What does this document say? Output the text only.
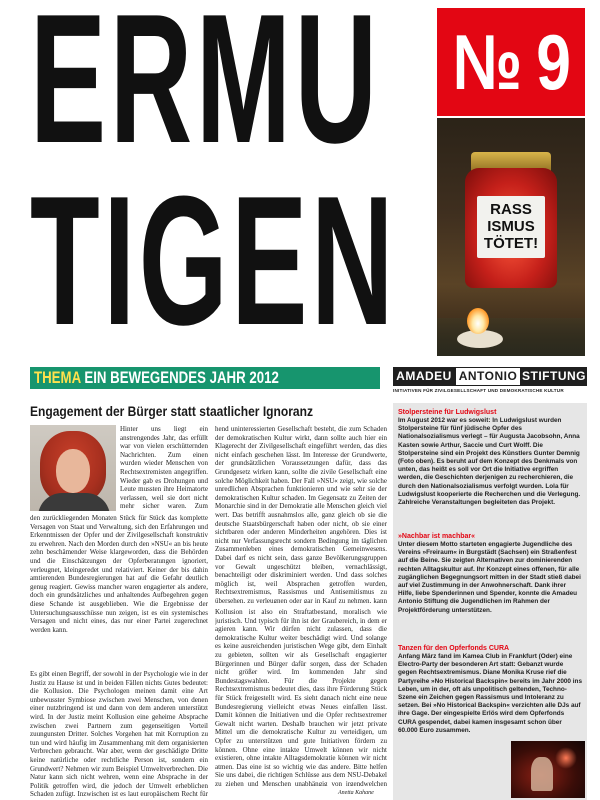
ERMU
TIGEN
№ 9
RASS ISMUS TÖTET!
THEMA EIN BEWEGENDES JAHR 2012	AMADEU ANTONIO STIFTUNG
INITIATIVEN FÜR ZIVILGESELLSCHAFT UND DEMOKRATISCHE KULTUR
Engagement der Bürger statt staatlicher Ignoranz
Hinter uns liegt ein anstrengendes Jahr, das erfüllt war von vielen erschütternden Nachrichten. Zum einen wurden wieder Menschen von Rechtsextremisten angegriffen. Wieder gab es Drohungen und Leute mussten ihre Heimatorte verlassen, weil sie dort nicht mehr sicher waren. Zum
den zurückliegenden Monaten Stück für Stück das komplette Versagen von Staat und Verwaltung, sich den Erfahrungen und Erkenntnissen der Opfer und der Zivilgesellschaft konstruktiv zu erwehren. Nach den Morden durch den »NSU« an bis heute zehn beschämender Weise klargeworden, dass die Behörden und die Einschätzungen der Opferberatungen ignoriert, verleugnet, kleingeredet und relativiert. Keiner der bis dahin amtierenden Bundesregierungen hat auf die Gefahr deutlich genug reagiert. Gewiss mancher waren engagierter als andere, doch ein grundsätzliches und anhaltendes Aufbegehren gegen diese Schande ist ausgeblieben. Wie die Ergebnisse der Untersuchungsausschüsse nun zeigen, ist es ein systemisches Versagen und nicht eines, das nur einer Partei zugerechnet werden kann.
Es gibt einen Begriff, der sowohl in der Psychologie wie in der Justiz zu Hause ist und in beiden Fällen nichts Gutes bedeutet: die Kollusion. Die Psychologen meinen damit eine Art unbewusster Symbiose zwischen zwei Menschen, von denen einer nutzbringend ist und dann von dem anderen unterstützt wird. In der Justiz meint Kollusion eine geheime Absprache zwischen zwei Partnern zum gegenseitigen Vorteil zuungunsten Dritter. Solches Vorgehen hat mit Korruption zu tun und wird häufig im Zusammenhang mit dem organisierten Verbrechen gebraucht. War aber, wenn der geschädigte Dritte keine natürliche oder rechtliche Person ist, sondern ein Grundwert? Nehmen wir zum Beispiel Umweltverbrechen. Die Natur kann sich nicht wehren, wenn eine Absprache in der Politik getroffen wird, die jedoch der Umwelt erheblichen Schaden zufügt. Inzwischen ist es laut europäischem Recht für
hend uninteressierten Gesellschaft besteht, die zum Schaden der demokratischen Kultur wirkt, dann sollte auch hier ein Klagerecht der Zivilgesellschaft eingeführt werden, das dies nicht einfach geschehen lässt. Im Interesse der Grundwerte, der grundsätzlichen Voraussetzungen dafür, dass das Grundgesetz wirken kann, sollte die zivile Gesellschaft eine solche Möglichkeit haben. Der Fall »NSU« zeigt, wie solche unredlichen Absprachen funktionieren und wie sehr sie der demokratischen Kultur schaden. Im Gegensatz zu Zeiten der Monarchie sind in der Demokratie alle Menschen gleich viel wert. Das betrifft ausnahmslos alle, ganz gleich ob sie die deutsche Staatsbürgerschaft haben oder nicht, ob sie einer sichtbaren oder anderen Minderheiten angehören. Dies ist nicht nur Verfassungsrecht sondern Bedingung im täglichen Zusammenleben eines demokratischen Gemeinwesens. Dabei darf es nicht sein, dass ganze Bevölkerungsgruppen vor Gewalt ungeschützt bleiben, vernachlässigt, benachteiligt oder diskriminiert werden. Und dass solches möglich ist, weil Absprachen getroffen wurden, Rechtsextremismus, Rassismus und Antisemitismus zu übersehen, zu verleugnen oder gar in Kauf zu nehmen, kann
Kollusion ist also ein Straftatbestand, moralisch wie juristisch. Und typisch für ihn ist der Graubereich, in dem er agieren kann. Wir dürfen nicht zulassen, dass die demokratische Kultur weiter beschädigt wird. Und solange es keine ausreichenden juristischen Wege gibt, dem Einhalt zu gebieten, sollten wir als Gesellschaft engagierter Bürgerinnen und Bürger dafür sorgen, dass der Schaden nicht größer wird. Im kommenden Jahr sind Bundestagswahlen. Für die Projekte gegen Rechtsextremismus bedeutet dies, dass ihre Förderung Stück für Stück freigestellt wird. Es sieht danach nicht eine neue Bundesregierung vielleicht etwas Neues einfallen lässt. Damit können die Initiativen und die Opfer rechtsextremer Gewalt nicht warten. Deshalb brauchen wir jetzt private Mittel um die demokratische Kultur zu verteidigen, um Opfer zu unterstützen und gute Initiativen fördern zu können. Ohne eine intakte Umwelt können wir nicht existieren, ohne intakte Alltagsdemokratie können wir nicht atmen. Das eine ist so wichtig wie das andere. Bitte helfen Sie uns dabei, die richtigen Schlüsse aus dem NSU-Debakel zu ziehen und Menschen unabhängig von irgendwelchen
Anetta Kahane
Stolpersteine für Ludwigslust
Im August 2012 war es soweit: In Ludwigslust wurden Stolpersteine für fünf jüdische Opfer des Nationalsozialismus verlegt – für Augusta Jacobsohn, Anna Kasten sowie Arthur, Saccie und Curt Wolff. Die Stolpersteine sind ein Projekt des Künstlers Gunter Demnig (Foto oben). Es beruht auf dem Konzept des Denkmals von unten, das heißt es soll vor Ort die Initiative ergriffen werden, die Geschichten derjenigen zu recherchieren, die durch den Nationalsozialismus verfolgt wurden. Lola für Ludwigslust kooperierte die Recherchen und die Verlegung. Zahlreiche Veranstaltungen begleiteten das Projekt.
»Nachbar ist machbar«
Unter diesem Motto starteten engagierte Jugendliche des Vereins »Freiraum« in Burgstädt (Sachsen) ein Straßenfest auf die Beine. Sie zeigten Alternativen zur dominierenden rechten Alltagskultur auf. Ihr Konzept eines offenen, für alle zugänglichen Begegnungsort mitten in der Stadt stieß dabei auf viel Zustimmung in der Anwohnerschaft. Dank ihrer Hilfe, liebe Spenderinnen und Spender, konnte die Amadeu Antonio Stiftung die Jugendlichen im Rahmen der Projektförderung unterstützen.
Tanzen für den Opferfonds CURA
Anfang März fand im Kamea Club in Frankfurt (Oder) eine Electro-Party der besonderen Art statt: Gebanzt wurde gegen Rechtsextremismus. Diane Monika Kruse rief die Partyreihe »No Historical Backspin« bereits im Jahr 2000 ins Leben, um in der, oft als unpolitisch geltenden, Techno-Szene ein Zeichen gegen Rassismus und Intoleranz zu setzen. Bei »No Historical Backspin« verzichten alle DJs auf ihre Gage. Der eingespielte Erlös wird dem Opferfonds CURA gespendet, dabei kamen insgesamt schon über 60.000 Euro zusammen.
